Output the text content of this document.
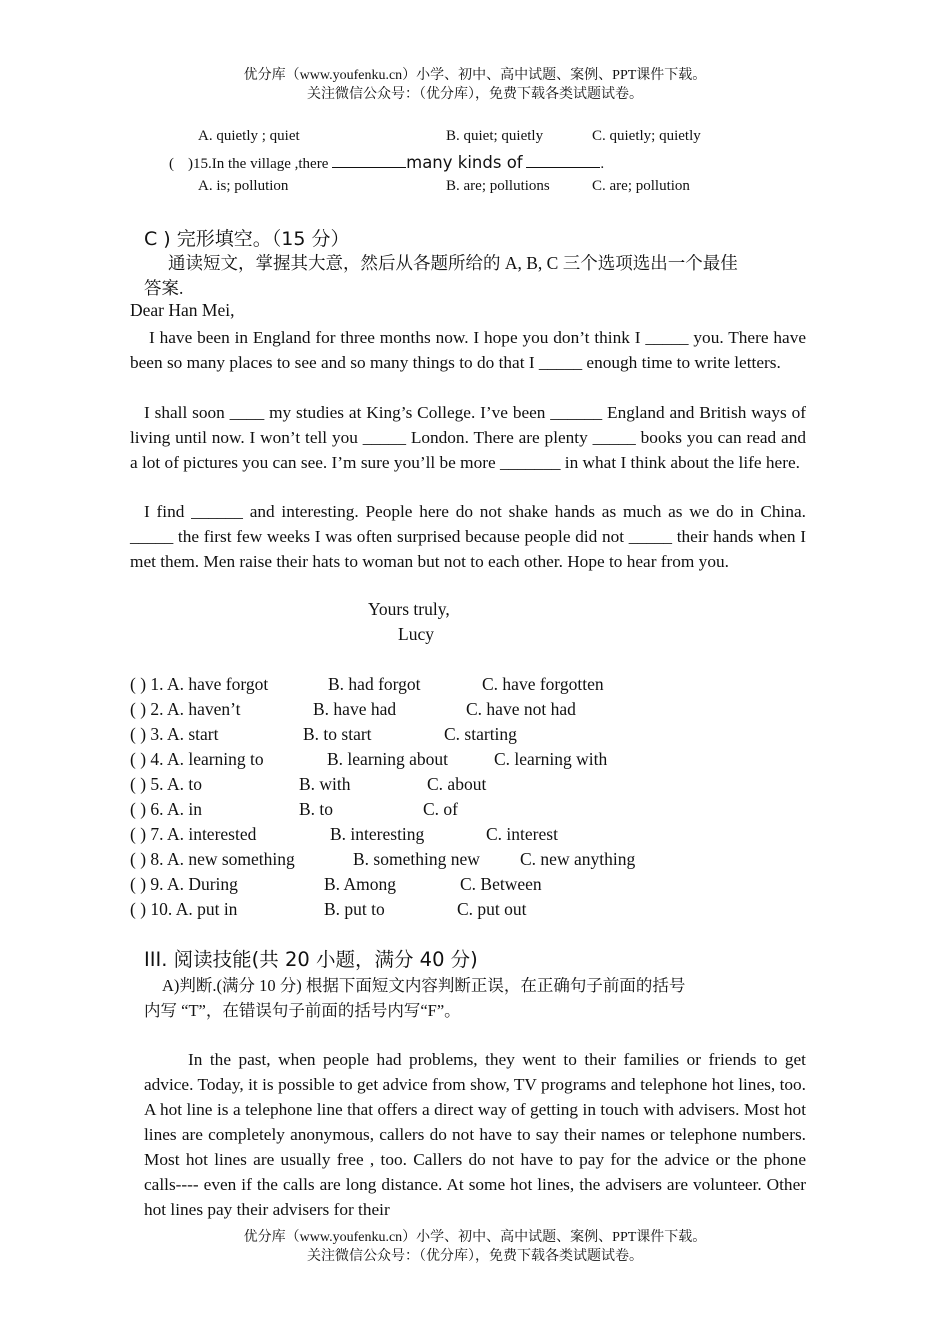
优分库（www.youfenku.cn）小学、初中、高中试题、案例、PPT课件下载。
关注微信公众号：（优分库），免费下载各类试题试卷。
A. quietly ; quiet	B. quiet; quietly	C. quietly; quietly
( )15.In the village ,there	many kinds of	.
A. is; pollution	B. are; pollutions	C. are; pollution
C ) 完形填空。（15 分）
通读短文，掌握其大意，然后从各题所给的 A, B, C 三个选项选出一个最佳
答案.
Dear Han Mei,
I have been in England for three months now. I hope you don’t think I _____ you. There have been so many places to see and so many things to do that I _____ enough time to write letters.
I shall soon ____ my studies at King’s College. I’ve been ______ England and British ways of living until now. I won’t tell you _____ London. There are plenty _____ books you can read and a lot of pictures you can see. I’m sure you’ll be more _______ in what I think about the life here.
I find ______ and interesting. People here do not shake hands as much as we do in China. _____ the first few weeks I was often surprised because people did not _____ their hands when I met them. Men raise their hats to woman but not to each other. Hope to hear from you.
Yours truly,
Lucy
( ) 1. A. have forgot	B. had forgot	C. have forgotten
( ) 2. A. haven’t	B. have had	C. have not had
( ) 3. A. start	B. to start	C. starting
( ) 4. A. learning to	B. learning about	C. learning with
( ) 5. A. to	B. with	C. about
( ) 6. A. in	B. to	C. of
( ) 7. A. interested	B. interesting	C. interest
( ) 8. A. new something	B. something new C. new anything
( ) 9. A. During	B. Among	C. Between
( ) 10. A. put in	B. put to	C. put out
III. 阅读技能(共 20 小题，满分 40 分)
A)判断.(满分 10 分) 根据下面短文内容判断正误，在正确句子前面的括号
内写 “T”，在错误句子前面的括号内写“F”。
In the past, when people had problems, they went to their families or friends to get advice. Today, it is possible to get advice from show, TV programs and telephone hot lines, too. A hot line is a telephone line that offers a direct way of getting in touch with advisers. Most hot lines are completely anonymous, callers do not have to say their names or telephone numbers. Most hot lines are usually free , too. Callers do not have to pay for the advice or the phone calls---- even if the calls are long distance. At some hot lines, the advisers are volunteer. Other hot lines pay their advisers for their
优分库（www.youfenku.cn）小学、初中、高中试题、案例、PPT课件下载。
关注微信公众号：（优分库），免费下载各类试题试卷。
